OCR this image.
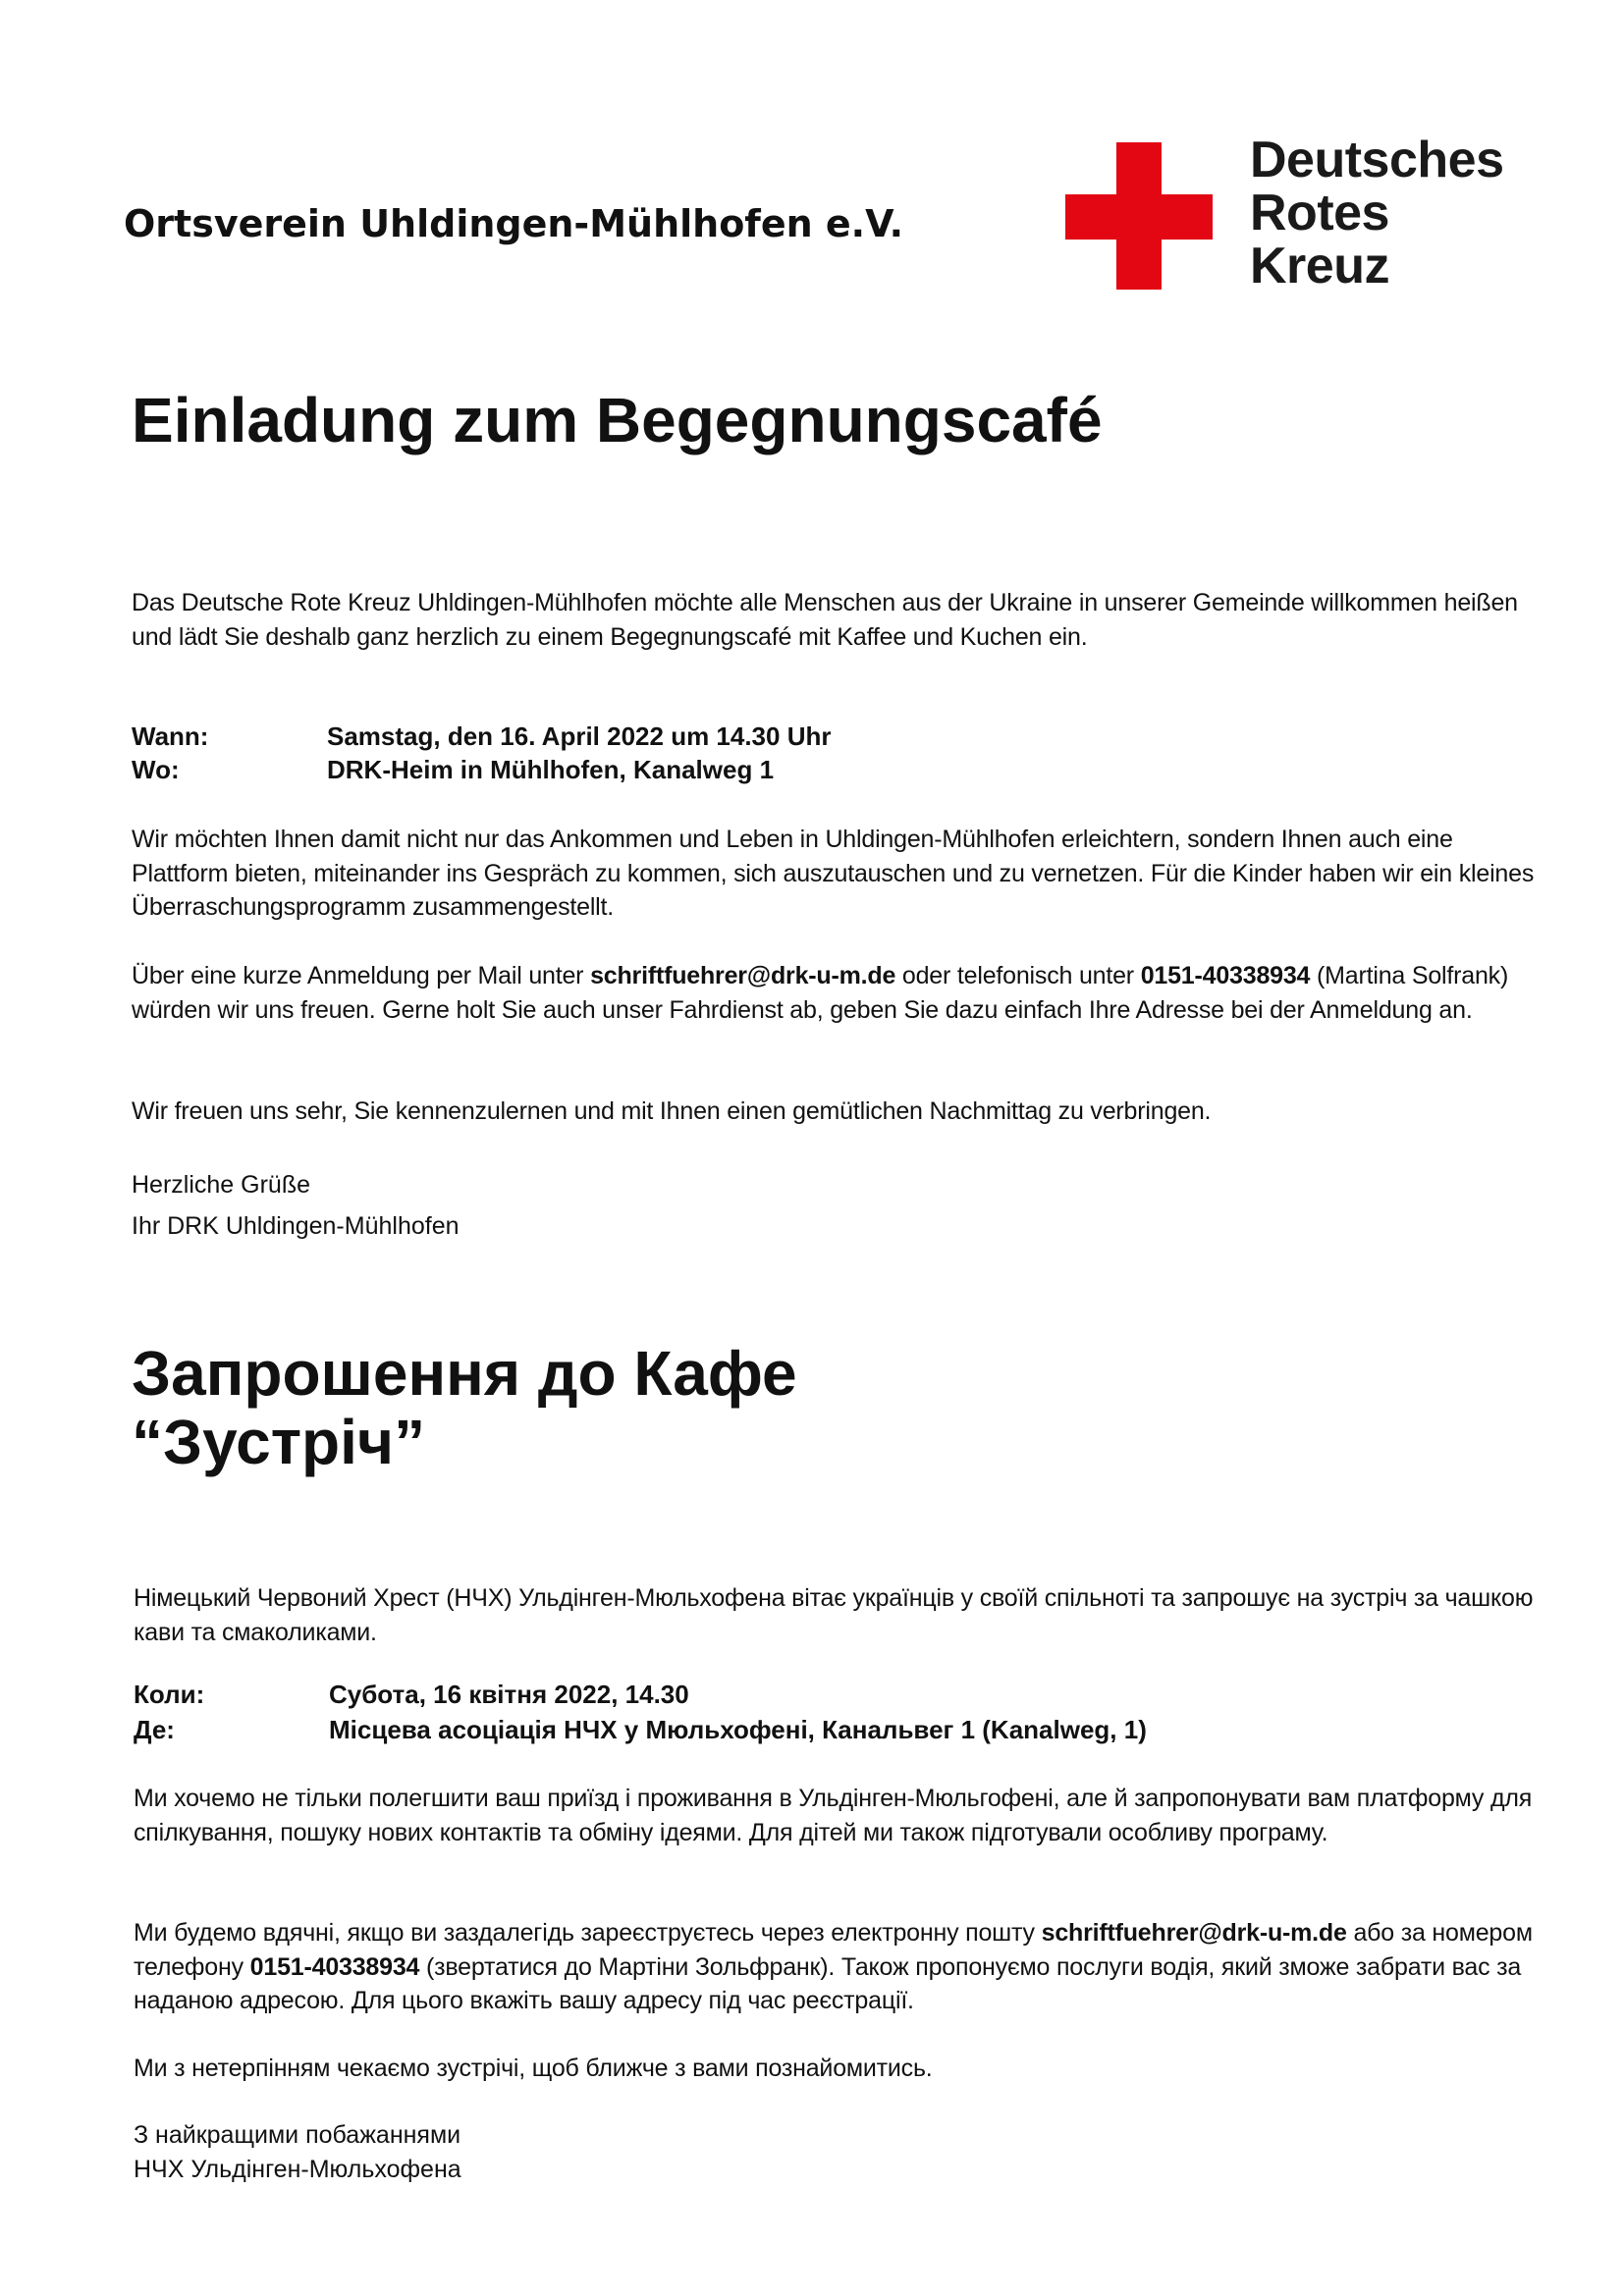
Ortsverein Uhldingen-Mühlhofen e.V.
Deutsches
Rotes
Kreuz
Einladung zum Begegnungscafé
Das Deutsche Rote Kreuz Uhldingen-Mühlhofen möchte alle Menschen aus der Ukraine in unserer Gemeinde willkommen heißen und lädt Sie deshalb ganz herzlich zu einem Begegnungscafé mit Kaffee und Kuchen ein.
Wann:	Samstag, den 16. April 2022 um 14.30 Uhr
Wo:	DRK-Heim in Mühlhofen, Kanalweg 1
Wir möchten Ihnen damit nicht nur das Ankommen und Leben in Uhldingen-Mühlhofen erleichtern, sondern Ihnen auch eine Plattform bieten, miteinander ins Gespräch zu kommen, sich auszutauschen und zu vernetzen. Für die Kinder haben wir ein kleines Überraschungsprogramm zusammengestellt.
Über eine kurze Anmeldung per Mail unter schriftfuehrer@drk-u-m.de oder telefonisch unter 0151-40338934 (Martina Solfrank) würden wir uns freuen. Gerne holt Sie auch unser Fahrdienst ab, geben Sie dazu einfach Ihre Adresse bei der Anmeldung an.
Wir freuen uns sehr, Sie kennenzulernen und mit Ihnen einen gemütlichen Nachmittag zu verbringen.
Herzliche Grüße
Ihr DRK Uhldingen-Mühlhofen
Запрошення до Кафе
“Зустріч”
Німецький Червоний Хрест (НЧХ) Ульдінген-Мюльхофена вітає українців у своїй спільноті та запрошує на зустріч за чашкою кави та смаколиками.
Коли:	Субота, 16 квітня 2022, 14.30
Де:	Місцева асоціація НЧХ у Мюльхофені, Канальвег 1 (Kanalweg, 1)
Ми хочемо не тільки полегшити ваш приїзд і проживання в Ульдінген-Мюльгофені, але й запропонувати вам платформу для спілкування, пошуку нових контактів та обміну ідеями. Для дітей ми також підготували особливу програму.
Ми будемо вдячні, якщо ви заздалегідь зареєструєтесь через електронну пошту schriftfuehrer@drk-u-m.de або за номером телефону 0151-40338934 (звертатися до Мартіни Зольфранк). Також пропонуємо послуги водія, який зможе забрати вас за наданою адресою. Для цього вкажіть вашу адресу під час реєстрації.
Ми з нетерпінням чекаємо зустрічі, щоб ближче з вами познайомитись.
З найкращими побажаннями
НЧХ Ульдінген-Мюльхофена
